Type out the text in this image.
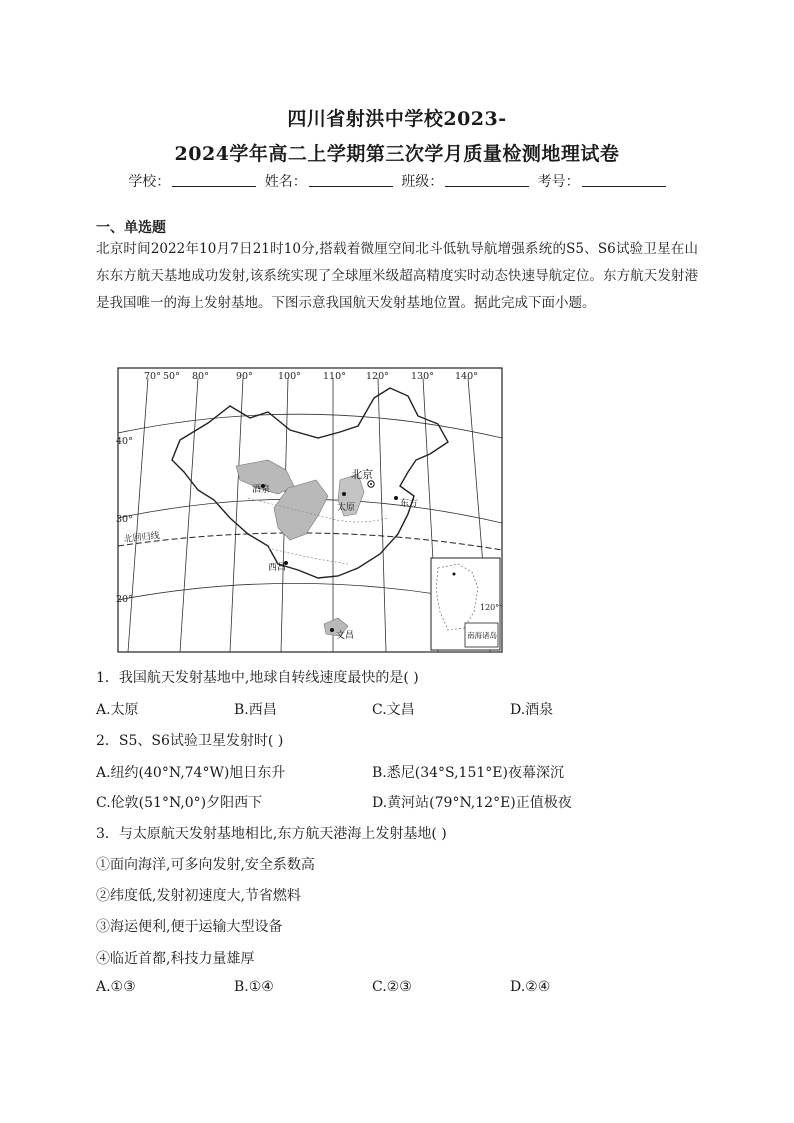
四川省射洪中学校2023-
2024学年高二上学期第三次学月质量检测地理试卷
学校：	姓名：	班级：	考号：
一、单选题
北京时间2022年10月7日21时10分,搭载着微厘空间北斗低轨导航增强系统的S5、S6试验卫星在山东东方航天基地成功发射,该系统实现了全球厘米级超高精度实时动态快速导航定位。东方航天发射港是我国唯一的海上发射基地。下图示意我国航天发射基地位置。据此完成下面小题。
70° 50° 80°	90°	100° 110° 120° 130° 140°
40°
30°
20°
北回归线
北京
酒泉
太原	东方
西昌
文昌
120°
南海诸岛
1．我国航天发射基地中,地球自转线速度最快的是( )
A.太原	B.西昌	C.文昌	D.酒泉
2．S5、S6试验卫星发射时( )
A.纽约(40°N,74°W)旭日东升	B.悉尼(34°S,151°E)夜幕深沉
C.伦敦(51°N,0°)夕阳西下	D.黄河站(79°N,12°E)正值极夜
3．与太原航天发射基地相比,东方航天港海上发射基地( )
①面向海洋,可多向发射,安全系数高
②纬度低,发射初速度大,节省燃料
③海运便利,便于运输大型设备
④临近首都,科技力量雄厚
A.①③	B.①④	C.②③	D.②④
